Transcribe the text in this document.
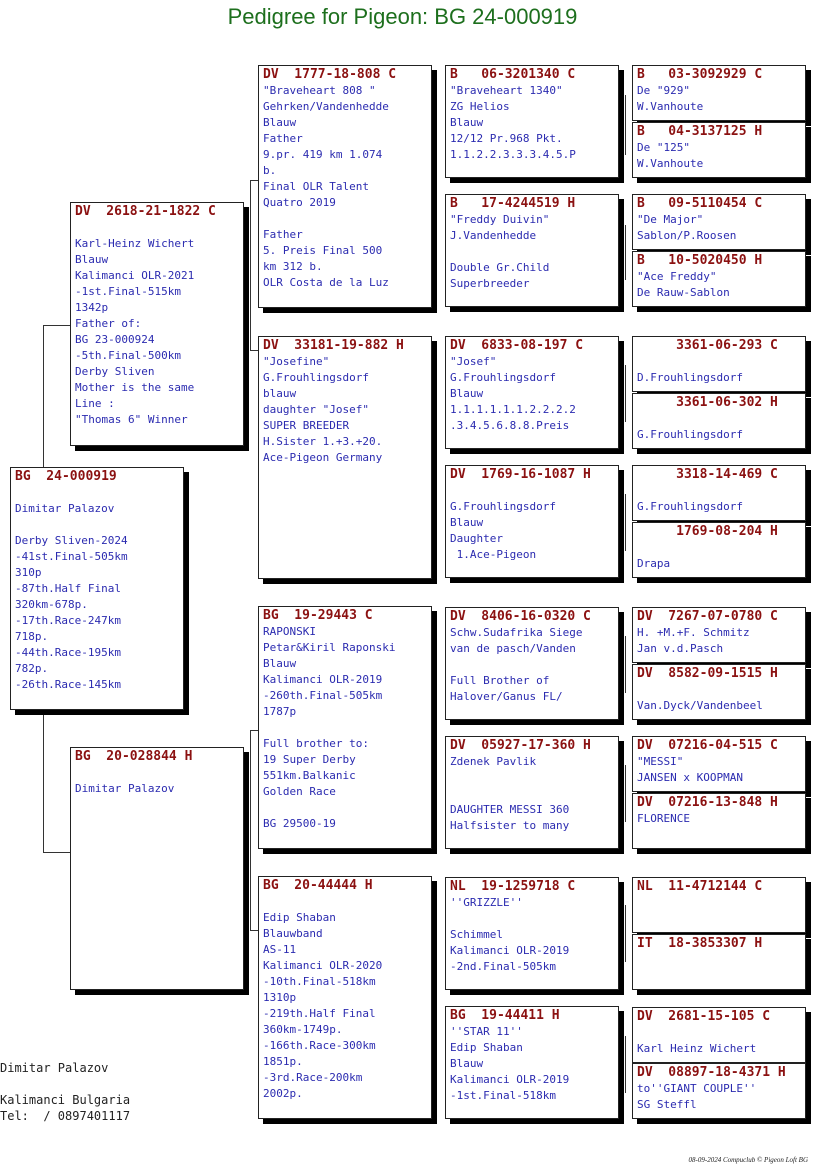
Pedigree for Pigeon: BG 24-000919
BG  24-000919

Dimitar Palazov

Derby Sliven-2024
-41st.Final-505km
310p
-87th.Half Final
320km-678p.
-17th.Race-247km
718p.
-44th.Race-195km
782p.
-26th.Race-145km
DV  2618-21-1822 C

Karl-Heinz Wichert
Blauw
Kalimanci OLR-2021
-1st.Final-515km
1342p
Father of:
BG 23-000924
-5th.Final-500km
Derby Sliven
Mother is the same
Line :
"Thomas 6" Winner
BG  20-028844 H

Dimitar Palazov
DV  1777-18-808 C
"Braveheart 808 "
Gehrken/Vandenhedde
Blauw
Father
9.pr. 419 km 1.074
b.
Final OLR Talent
Quatro 2019

Father
5. Preis Final 500
km 312 b.
OLR Costa de la Luz
DV  33181-19-882 H
"Josefine"
G.Frouhlingsdorf
blauw
daughter "Josef"
SUPER BREEDER
H.Sister 1.+3.+20.
Ace-Pigeon Germany
BG  19-29443 C
RAPONSKI
Petar&Kiril Raponski
Blauw
Kalimanci OLR-2019
-260th.Final-505km
1787p

Full brother to:
19 Super Derby
551km.Balkanic
Golden Race

BG 29500-19
BG  20-44444 H

Edip Shaban
Blauwband
AS-11
Kalimanci OLR-2020
-10th.Final-518km
1310p
-219th.Half Final
360km-1749p.
-166th.Race-300km
1851p.
-3rd.Race-200km
2002p.
B   06-3201340 C
"Braveheart 1340"
ZG Helios
Blauw
12/12 Pr.968 Pkt.
1.1.2.2.3.3.3.4.5.P
B   17-4244519 H
"Freddy Duivin"
J.Vandenhedde

Double Gr.Child
Superbreeder
DV  6833-08-197 C
"Josef"
G.Frouhlingsdorf
Blauw
1.1.1.1.1.1.2.2.2.2
.3.4.5.6.8.8.Preis
DV  1769-16-1087 H

G.Frouhlingsdorf
Blauw
Daughter
1.Ace-Pigeon
DV  8406-16-0320 C
Schw.Sudafrika Siege
van de pasch/Vanden

Full Brother of
Halover/Ganus FL/
DV  05927-17-360 H
Zdenek Pavlik

DAUGHTER MESSI 360
Halfsister to many
NL  19-1259718 C
''GRIZZLE''

Schimmel
Kalimanci OLR-2019
-2nd.Final-505km
BG  19-44411 H
''STAR 11''
Edip Shaban
Blauw
Kalimanci OLR-2019
-1st.Final-518km
B   03-3092929 C
De "929"
W.Vanhoute
B   04-3137125 H
De "125"
W.Vanhoute
B   09-5110454 C
"De Major"
Sablon/P.Roosen
B   10-5020450 H
"Ace Freddy"
De Rauw-Sablon
3361-06-293 C

D.Frouhlingsdorf
3361-06-302 H

G.Frouhlingsdorf
3318-14-469 C

G.Frouhlingsdorf
1769-08-204 H

Drapa
DV  7267-07-0780 C
H. +M.+F. Schmitz
Jan v.d.Pasch
DV  8582-09-1515 H

Van.Dyck/Vandenbeel
DV  07216-04-515 C
"MESSI"
JANSEN x KOOPMAN
DV  07216-13-848 H
FLORENCE
NL  11-4712144 C
IT  18-3853307 H
DV  2681-15-105 C

Karl Heinz Wichert
DV  08897-18-4371 H
to''GIANT COUPLE''
SG Steffl
Dimitar Palazov
Kalimanci Bulgaria
Tel:  / 0897401117
08-09-2024 Compuclub © Pigeon Loft BG
